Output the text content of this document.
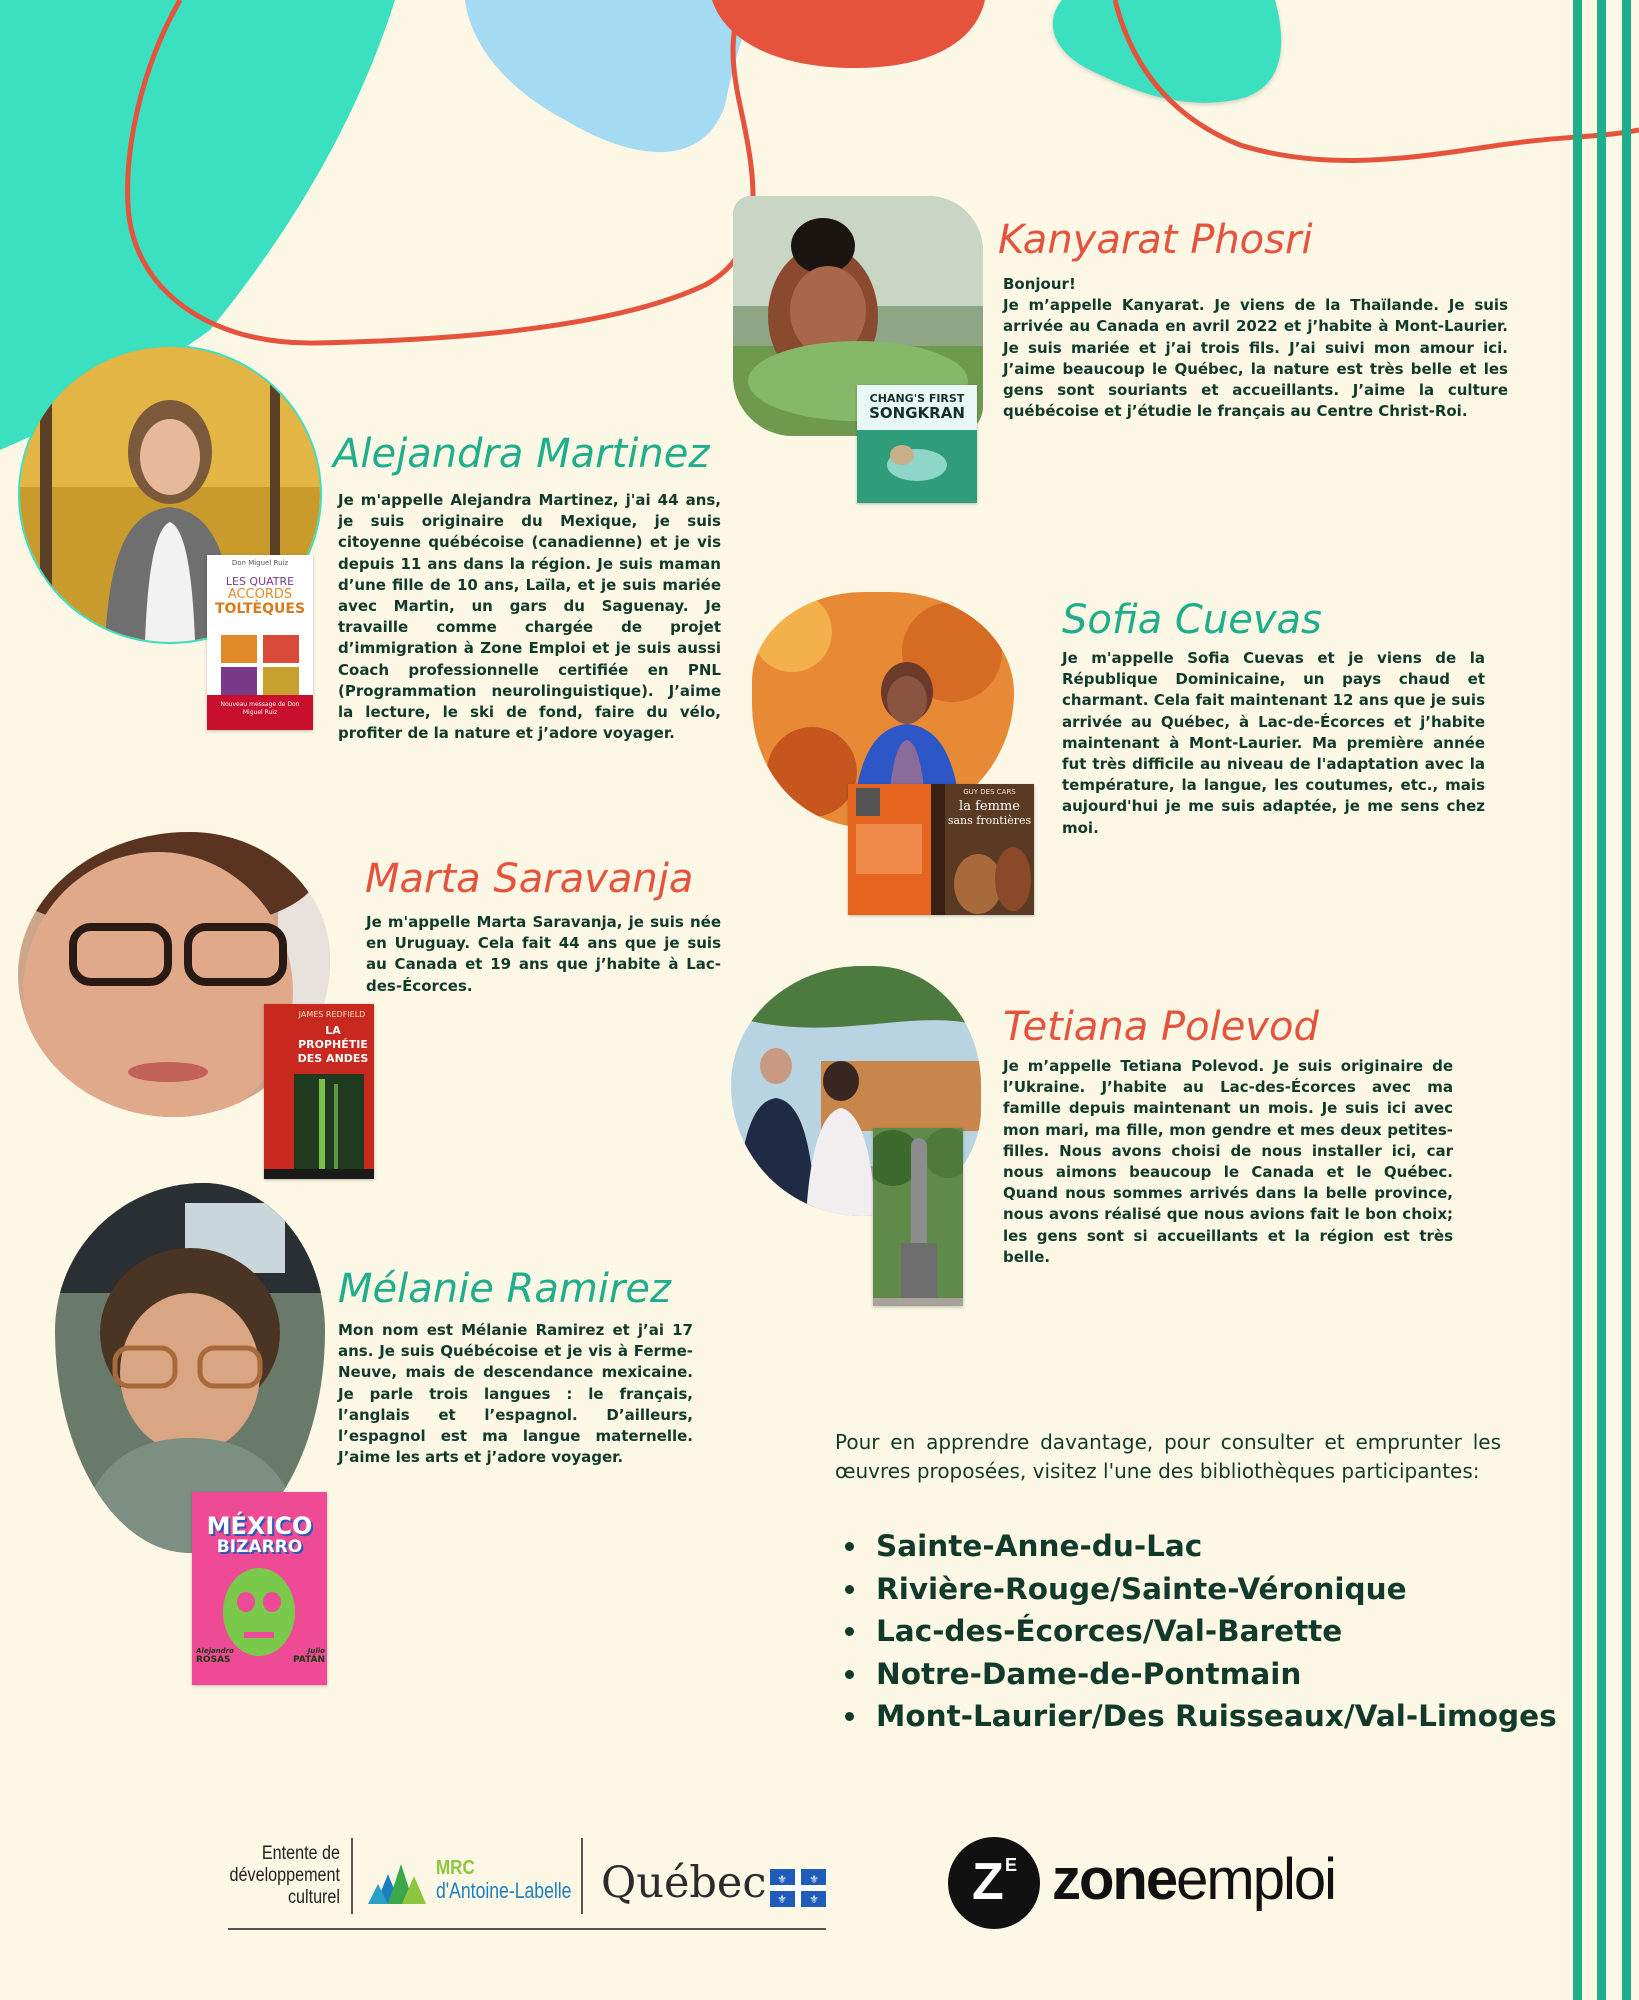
CHANG'S FIRST
SONGKRAN
Kanyarat Phosri

Bonjour!

Je m’appelle Kanyarat. Je viens de la Thaïlande. Je suis arrivée au Canada en avril 2022 et j’habite à Mont-Laurier. Je suis mariée et j’ai trois fils. J’ai suivi mon amour ici. J’aime beaucoup le Québec, la nature est très belle et les gens sont souriants et accueillants. J’aime la culture québécoise et j’étudie le français au Centre Christ-Roi.

Don Miguel Ruiz
LES QUATRE
ACCORDS
TOLTÈQUES
Nouveau message de Don Miguel Ruiz
Alejandra Martinez

Je m'appelle Alejandra Martinez, j'ai 44 ans, je suis originaire du Mexique, je suis citoyenne québécoise (canadienne) et je vis depuis 11 ans dans la région. Je suis maman d’une fille de 10 ans, Laïla, et je suis mariée avec Martin, un gars du Saguenay. Je travaille comme chargée de projet d’immigration à Zone Emploi et je suis aussi Coach professionnelle certifiée en PNL (Programmation neurolinguistique). J’aime la lecture, le ski de fond, faire du vélo, profiter de la nature et j’adore voyager.

GUY DES CARS
la femme
sans frontières
Sofia Cuevas

Je m'appelle Sofia Cuevas et je viens de la République Dominicaine, un pays chaud et charmant. Cela fait maintenant 12 ans que je suis arrivée au Québec, à Lac-de-Écorces et j’habite maintenant à Mont-Laurier. Ma première année fut très difficile au niveau de l'adaptation avec la température, la langue, les coutumes, etc., mais aujourd'hui je me suis adaptée, je me sens chez moi.

JAMES REDFIELD
LA PROPHÉTIE
DES ANDES
Marta Saravanja

Je m'appelle Marta Saravanja, je suis née en Uruguay. Cela fait 44 ans que je suis au Canada et 19 ans que j’habite à Lac-des-Écorces.

Tetiana Polevod

Je m’appelle Tetiana Polevod. Je suis originaire de l’Ukraine. J’habite au Lac-des-Écorces avec ma famille depuis maintenant un mois. Je suis ici avec mon mari, ma fille, mon gendre et mes deux petites-filles. Nous avons choisi de nous installer ici, car nous aimons beaucoup le Canada et le Québec. Quand nous sommes arrivés dans la belle province, nous avons réalisé que nous avions fait le bon choix; les gens sont si accueillants et la région est très belle.

MÉXICO
BIZARRO
Alejandro
ROSAS
Julio
PATÁN
Mélanie Ramirez

Mon nom est Mélanie Ramirez et j’ai 17 ans. Je suis Québécoise et je vis à Ferme-Neuve, mais de descendance mexicaine. Je parle trois langues : le français, l’anglais et l’espagnol. D’ailleurs, l’espagnol est ma langue maternelle. J’aime les arts et j’adore voyager.

Pour en apprendre davantage, pour consulter et emprunter les œuvres proposées, visitez l'une des bibliothèques participantes:

• Sainte-Anne-du-Lac
• Rivière-Rouge/Sainte-Véronique
• Lac-des-Écorces/Val-Barette
• Notre-Dame-de-Pontmain
• Mont-Laurier/Des Ruisseaux/Val-Limoges
Entente de
développement
culturel
MRC
d'Antoine-Labelle Québec ⚜ ⚜
⚜ ⚜	Z E zoneemploi
